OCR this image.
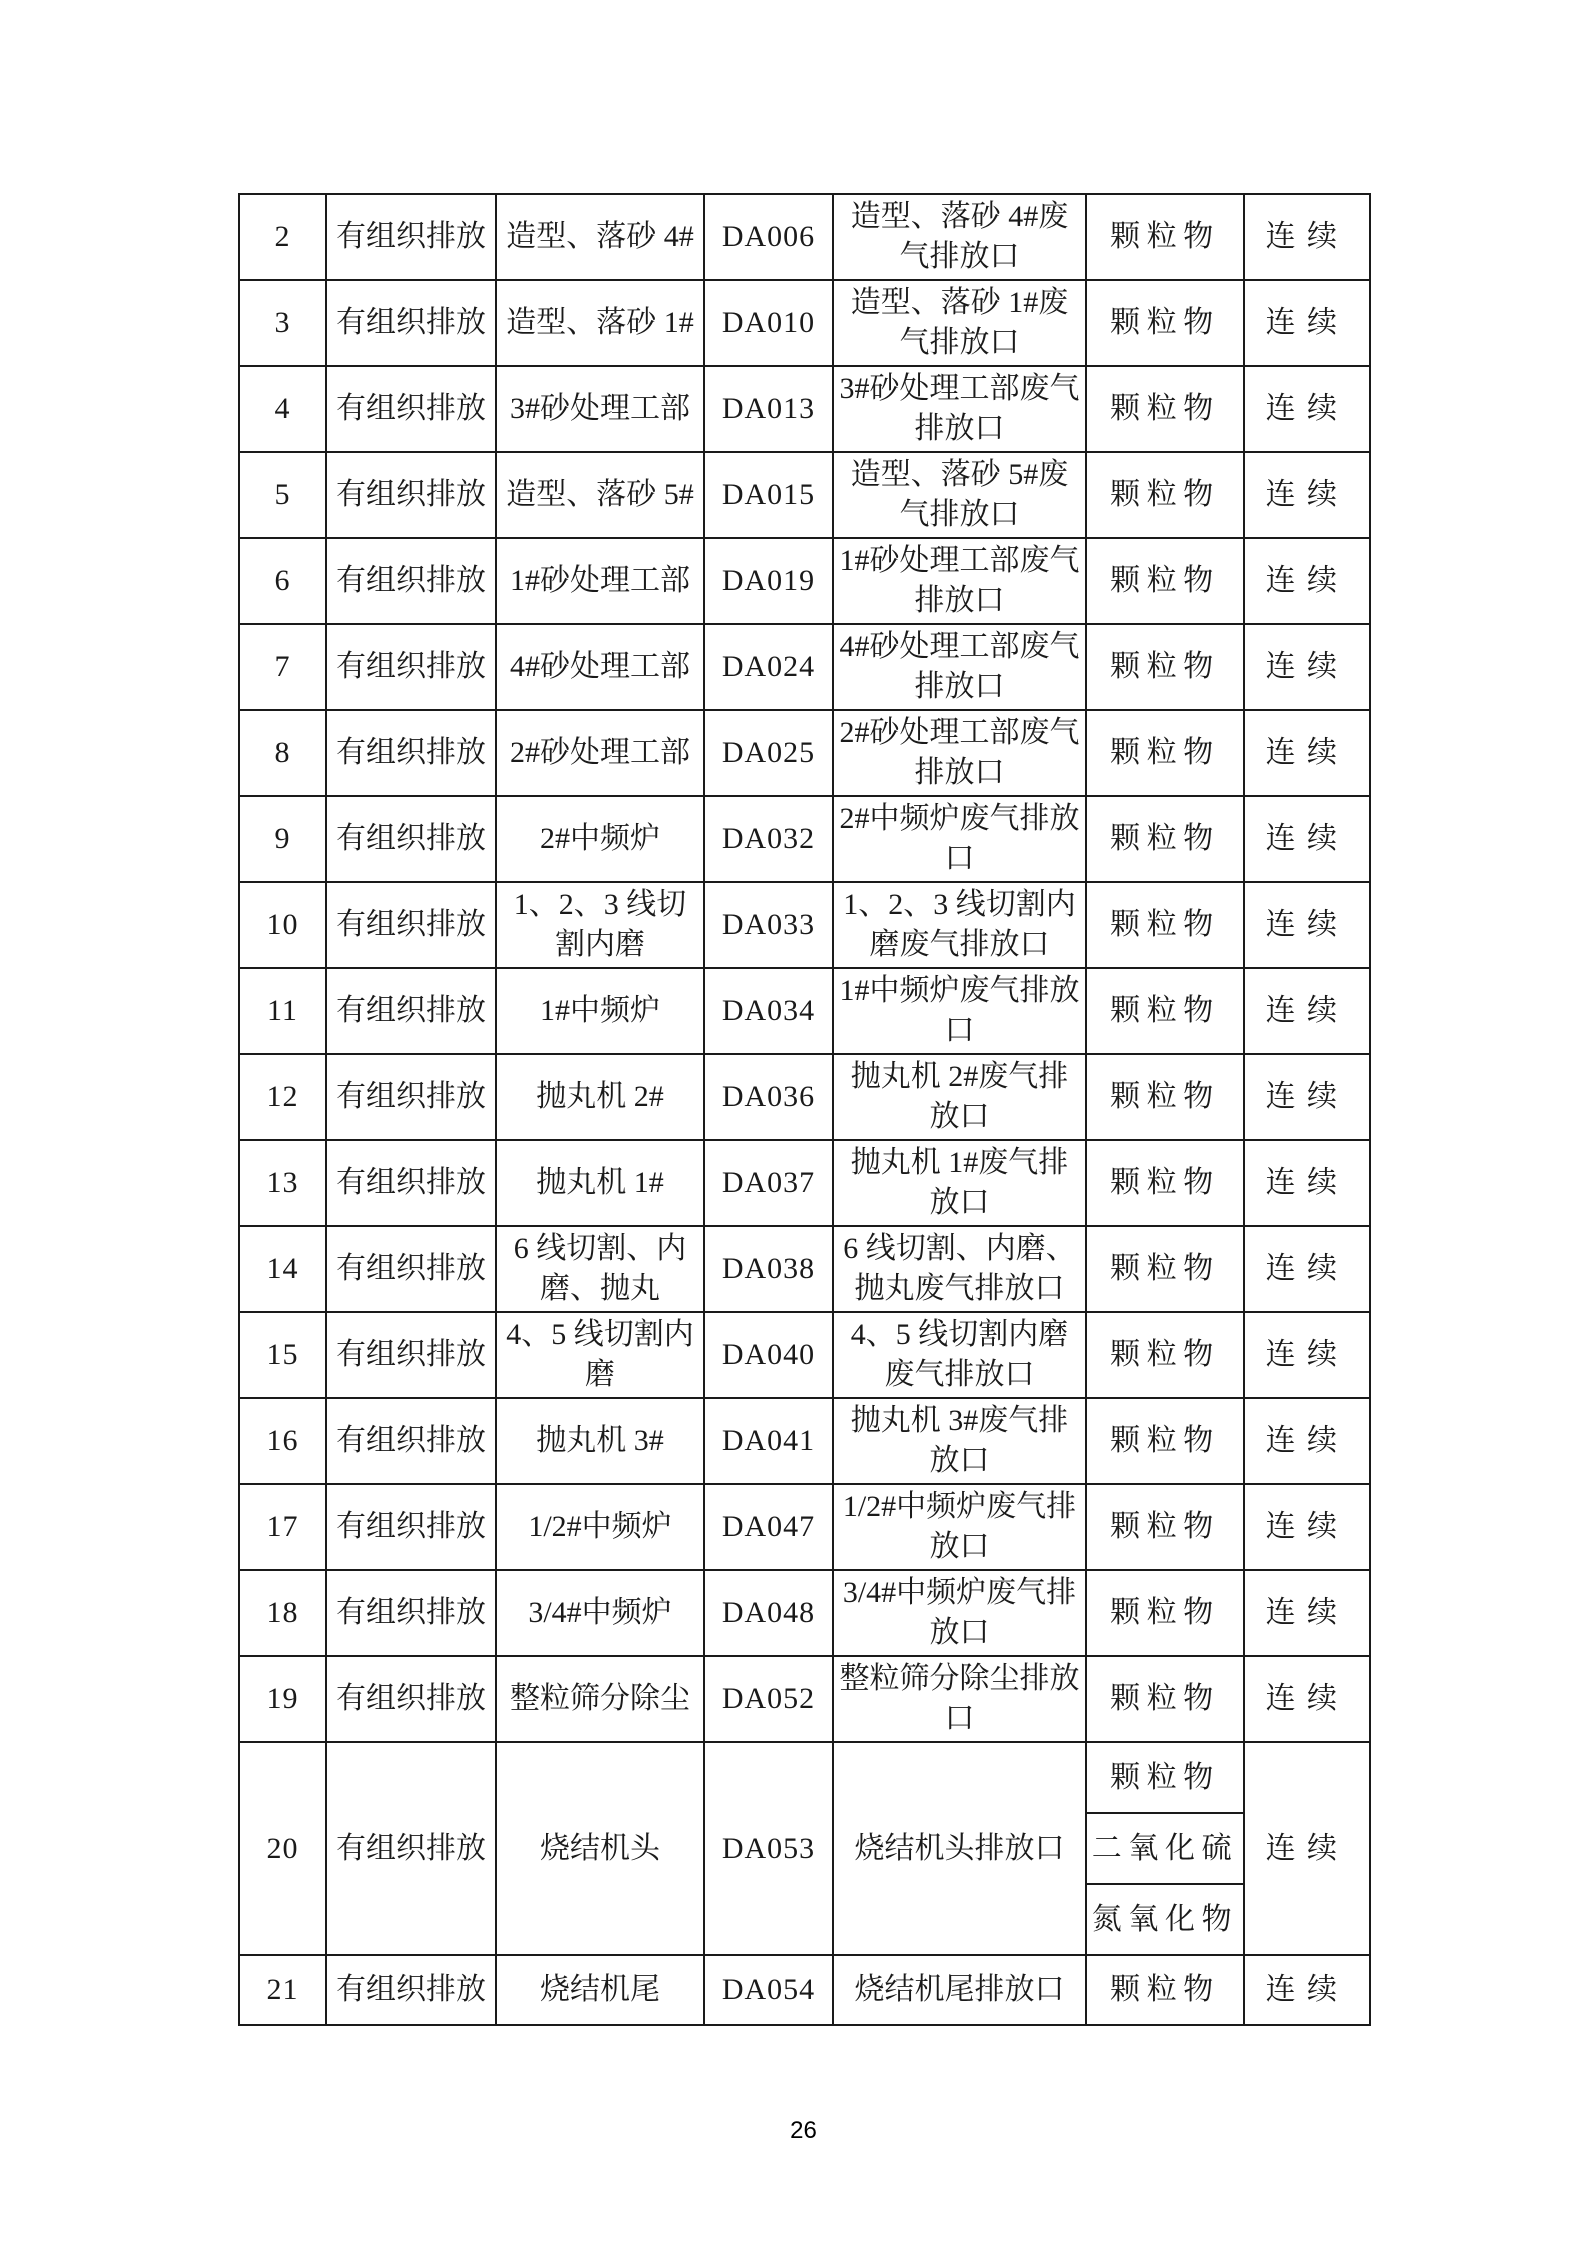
2	有组织排放	造型、落砂 4#	DA006	造型、落砂 4#废气排放口	颗粒物	连续
3	有组织排放	造型、落砂 1#	DA010	造型、落砂 1#废气排放口	颗粒物	连续
4	有组织排放	3#砂处理工部	DA013	3#砂处理工部废气排放口	颗粒物	连续
5	有组织排放	造型、落砂 5#	DA015	造型、落砂 5#废气排放口	颗粒物	连续
6	有组织排放	1#砂处理工部	DA019	1#砂处理工部废气排放口	颗粒物	连续
7	有组织排放	4#砂处理工部	DA024	4#砂处理工部废气排放口	颗粒物	连续
8	有组织排放	2#砂处理工部	DA025	2#砂处理工部废气排放口	颗粒物	连续
9	有组织排放	2#中频炉	DA032	2#中频炉废气排放口	颗粒物	连续
10	有组织排放	1、2、3 线切割内磨	DA033	1、2、3 线切割内磨废气排放口	颗粒物	连续
11	有组织排放	1#中频炉	DA034	1#中频炉废气排放口	颗粒物	连续
12	有组织排放	抛丸机 2#	DA036	抛丸机 2#废气排放口	颗粒物	连续
13	有组织排放	抛丸机 1#	DA037	抛丸机 1#废气排放口	颗粒物	连续
14	有组织排放	6 线切割、内磨、抛丸	DA038	6 线切割、内磨、抛丸废气排放口	颗粒物	连续
15	有组织排放	4、5 线切割内磨	DA040	4、5 线切割内磨废气排放口	颗粒物	连续
16	有组织排放	抛丸机 3#	DA041	抛丸机 3#废气排放口	颗粒物	连续
17	有组织排放	1/2#中频炉	DA047	1/2#中频炉废气排放口	颗粒物	连续
18	有组织排放	3/4#中频炉	DA048	3/4#中频炉废气排放口	颗粒物	连续
19	有组织排放	整粒筛分除尘	DA052	整粒筛分除尘排放口	颗粒物	连续
20	有组织排放	烧结机头	DA053	烧结机头排放口	颗粒物	连续
					二氧化硫	
					氮氧化物	
21	有组织排放	烧结机尾	DA054	烧结机尾排放口	颗粒物	连续
26
